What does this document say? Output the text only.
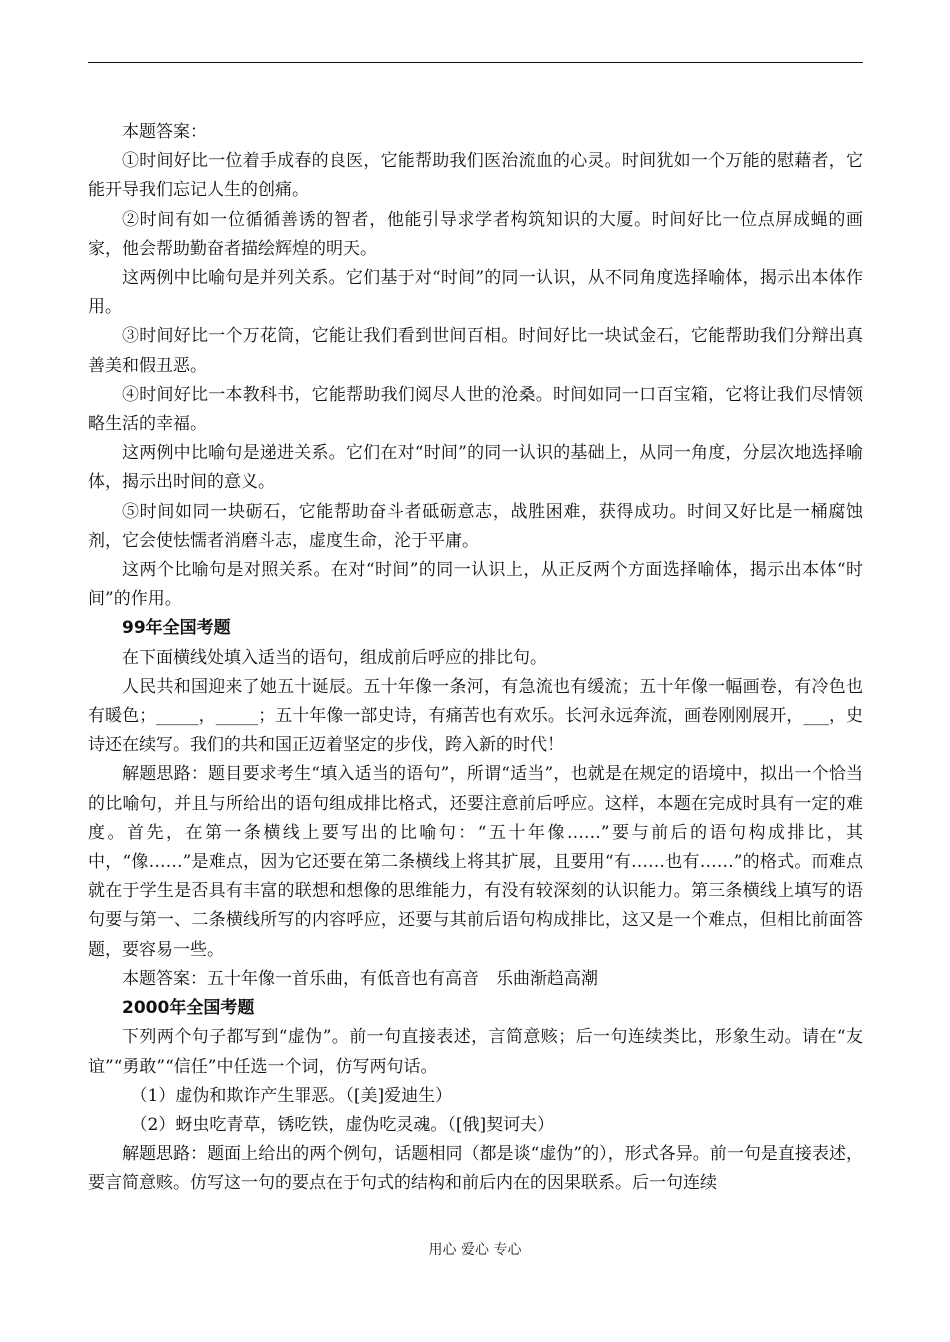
本题答案：

①时间好比一位着手成春的良医，它能帮助我们医治流血的心灵。时间犹如一个万能的慰藉者，它能开导我们忘记人生的创痛。

②时间有如一位循循善诱的智者，他能引导求学者构筑知识的大厦。时间好比一位点屏成蝇的画家，他会帮助勤奋者描绘辉煌的明天。

这两例中比喻句是并列关系。它们基于对“时间”的同一认识，从不同角度选择喻体，揭示出本体作用。

③时间好比一个万花筒，它能让我们看到世间百相。时间好比一块试金石，它能帮助我们分辩出真善美和假丑恶。

④时间好比一本教科书，它能帮助我们阅尽人世的沧桑。时间如同一口百宝箱，它将让我们尽情领略生活的幸福。

这两例中比喻句是递进关系。它们在对“时间”的同一认识的基础上，从同一角度，分层次地选择喻体，揭示出时间的意义。

⑤时间如同一块砺石，它能帮助奋斗者砥砺意志，战胜困难，获得成功。时间又好比是一桶腐蚀剂，它会使怯懦者消磨斗志，虚度生命，沦于平庸。

这两个比喻句是对照关系。在对“时间”的同一认识上，从正反两个方面选择喻体，揭示出本体“时间”的作用。

99年全国考题

在下面横线处填入适当的语句，组成前后呼应的排比句。

人民共和国迎来了她五十诞辰。五十年像一条河，有急流也有缓流；五十年像一幅画卷，有冷色也有暖色；_____，_____；五十年像一部史诗，有痛苦也有欢乐。长河永远奔流，画卷刚刚展开，___，史诗还在续写。我们的共和国正迈着坚定的步伐，跨入新的时代！

解题思路：题目要求考生“填入适当的语句”，所谓“适当”，也就是在规定的语境中，拟出一个恰当的比喻句，并且与所给出的语句组成排比格式，还要注意前后呼应。这样，本题在完成时具有一定的难度。首先，在第一条横线上要写出的比喻句：“五十年像……”要与前后的语句构成排比，其中，“像……”是难点，因为它还要在第二条横线上将其扩展，且要用“有……也有……”的格式。而难点就在于学生是否具有丰富的联想和想像的思维能力，有没有较深刻的认识能力。第三条横线上填写的语句要与第一、二条横线所写的内容呼应，还要与其前后语句构成排比，这又是一个难点，但相比前面答题，要容易一些。

本题答案：五十年像一首乐曲，有低音也有高音　乐曲渐趋高潮

2000年全国考题

下列两个句子都写到“虚伪”。前一句直接表述，言简意赅；后一句连续类比，形象生动。请在“友谊”“勇敢”“信任”中任选一个词，仿写两句话。

（1）虚伪和欺诈产生罪恶。（[美]爱迪生）

（2）蚜虫吃青草，锈吃铁，虚伪吃灵魂。（[俄]契诃夫）

解题思路：题面上给出的两个例句，话题相同（都是谈“虚伪”的），形式各异。前一句是直接表述，要言简意赅。仿写这一句的要点在于句式的结构和前后内在的因果联系。后一句连续

用心 爱心 专心
